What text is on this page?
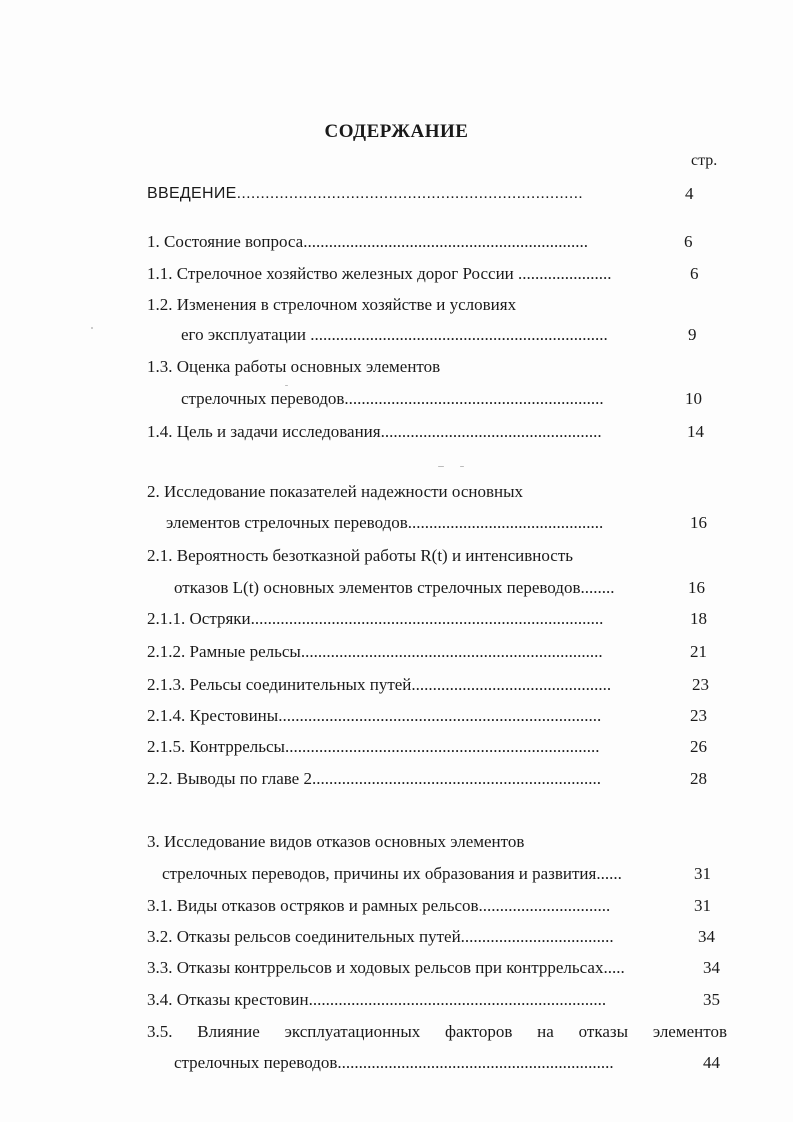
СОДЕРЖАНИЕ
стр.
ВВЕДЕНИЕ.........................................................................	4
1. Состояние вопроса...................................................................	6
1.1. Стрелочное хозяйство железных дорог России ......................	6
1.2. Изменения в стрелочном хозяйстве и условиях
его эксплуатации ......................................................................	9
1.3. Оценка работы основных элементов
стрелочных переводов.............................................................	10
1.4. Цель и задачи исследования....................................................	14
2. Исследование показателей надежности основных
элементов стрелочных переводов..............................................	16
2.1. Вероятность безотказной работы R(t) и интенсивность
отказов L(t) основных элементов стрелочных переводов........	16
2.1.1. Остряки...................................................................................	18
2.1.2. Рамные рельсы.......................................................................	21
2.1.3. Рельсы соединительных путей...............................................	23
2.1.4. Крестовины............................................................................	23
2.1.5. Контррельсы..........................................................................	26
2.2. Выводы по главе 2....................................................................	28
3. Исследование видов отказов основных элементов
стрелочных переводов, причины их образования и развития......	31
3.1. Виды отказов остряков и рамных рельсов...............................	31
3.2. Отказы рельсов соединительных путей....................................	34
3.3. Отказы контррельсов и ходовых рельсов при контррельсах.....	34
3.4. Отказы крестовин......................................................................	35
3.5. Влияние эксплуатационных факторов на отказы элементов
стрелочных переводов.................................................................	44
